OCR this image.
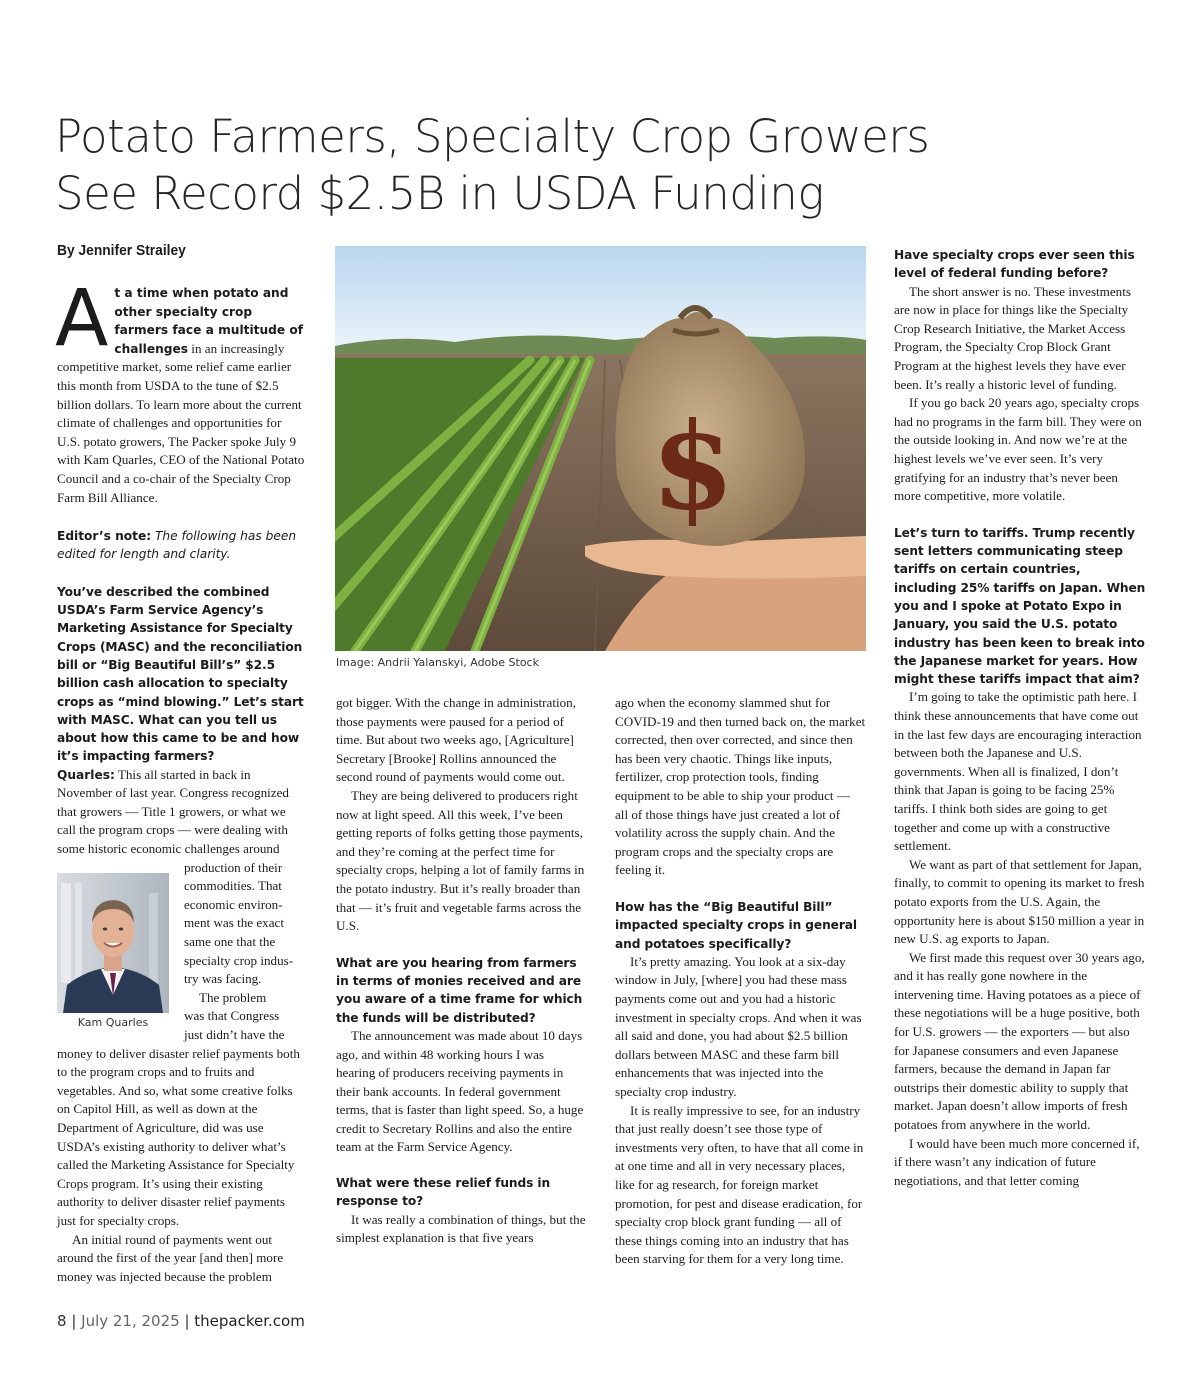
Potato Farmers, Specialty Crop Growers
See Record $2.5B in USDA Funding

By Jennifer Strailey

At a time when potato and other specialty crop farmers face a multitude of challenges in an increasingly competitive market, some relief came earlier this month from USDA to the tune of $2.5 billion dollars. To learn more about the current climate of challenges and opportunities for U.S. potato growers, The Packer spoke July 9 with Kam Quarles, CEO of the National Potato Council and a co-chair of the Specialty Crop Farm Bill Alliance.

Editor’s note: The following has been edited for length and clarity.

You’ve described the combined USDA’s Farm Service Agency’s Marketing Assistance for Specialty Crops (MASC) and the reconciliation bill or “Big Beautiful Bill’s” $2.5 billion cash allocation to specialty crops as “mind blowing.” Let’s start with MASC. What can you tell us about how this came to be and how it’s impacting farmers?

Quarles: This all started in back in November of last year. Congress recognized that growers — Title 1 growers, or what we call the program crops — were dealing with some historic economic challenges around

production of their
commodities. That
economic environ-
ment was the exact
same one that the
specialty crop indus-
try was facing.
The problem
was that Congress
just didn’t have the

money to deliver disaster relief payments both to the program crops and to fruits and vegetables. And so, what some creative folks on Capitol Hill, as well as down at the Department of Agriculture, did was use USDA’s existing authority to deliver what’s called the Marketing Assistance for Specialty Crops program. It’s using their existing authority to deliver disaster relief payments just for specialty crops.

An initial round of payments went out around the first of the year [and then] more money was injected because the problem

Kam Quarles

$

Image: Andrii Yalanskyi, Adobe Stock

got bigger. With the change in administration, those payments were paused for a period of time. But about two weeks ago, [Agriculture] Secretary [Brooke] Rollins announced the second round of payments would come out.

They are being delivered to producers right now at light speed. All this week, I’ve been getting reports of folks getting those payments, and they’re coming at the perfect time for specialty crops, helping a lot of family farms in the potato industry. But it’s really broader than that — it’s fruit and vegetable farms across the U.S.

What are you hearing from farmers in terms of monies received and are you aware of a time frame for which the funds will be distributed?

The announcement was made about 10 days ago, and within 48 working hours I was hearing of producers receiving payments in their bank accounts. In federal government terms, that is faster than light speed. So, a huge credit to Secretary Rollins and also the entire team at the Farm Service Agency.

What were these relief funds in response to?

It was really a combination of things, but the simplest explanation is that five years

ago when the economy slammed shut for COVID-19 and then turned back on, the market corrected, then over corrected, and since then has been very chaotic. Things like inputs, fertilizer, crop protection tools, finding equipment to be able to ship your product — all of those things have just created a lot of volatility across the supply chain. And the program crops and the specialty crops are feeling it.

How has the “Big Beautiful Bill” impacted specialty crops in general and potatoes specifically?

It’s pretty amazing. You look at a six-day window in July, [where] you had these mass payments come out and you had a historic investment in specialty crops. And when it was all said and done, you had about $2.5 billion dollars between MASC and these farm bill enhancements that was injected into the specialty crop industry.

It is really impressive to see, for an industry that just really doesn’t see those type of investments very often, to have that all come in at one time and all in very necessary places, like for ag research, for foreign market promotion, for pest and disease eradication, for specialty crop block grant funding — all of these things coming into an industry that has been starving for them for a very long time.

Have specialty crops ever seen this level of federal funding before?

The short answer is no. These investments are now in place for things like the Specialty Crop Research Initiative, the Market Access Program, the Specialty Crop Block Grant Program at the highest levels they have ever been. It’s really a historic level of funding.

If you go back 20 years ago, specialty crops had no programs in the farm bill. They were on the outside looking in. And now we’re at the highest levels we’ve ever seen. It’s very gratifying for an industry that’s never been more competitive, more volatile.

Let’s turn to tariffs. Trump recently sent letters communicating steep tariffs on certain countries, including 25% tariffs on Japan. When you and I spoke at Potato Expo in January, you said the U.S. potato industry has been keen to break into the Japanese market for years. How might these tariffs impact that aim?

I’m going to take the optimistic path here. I think these announcements that have come out in the last few days are encouraging interaction between both the Japanese and U.S. governments. When all is finalized, I don’t think that Japan is going to be facing 25% tariffs. I think both sides are going to get together and come up with a constructive settlement.

We want as part of that settlement for Japan, finally, to commit to opening its market to fresh potato exports from the U.S. Again, the opportunity here is about $150 million a year in new U.S. ag exports to Japan.

We first made this request over 30 years ago, and it has really gone nowhere in the intervening time. Having potatoes as a piece of these negotiations will be a huge positive, both for U.S. growers — the exporters — but also for Japanese consumers and even Japanese farmers, because the demand in Japan far outstrips their domestic ability to supply that market. Japan doesn’t allow imports of fresh potatoes from anywhere in the world.

I would have been much more concerned if, if there wasn’t any indication of future negotiations, and that letter coming

8 | July 21, 2025 | thepacker.com
